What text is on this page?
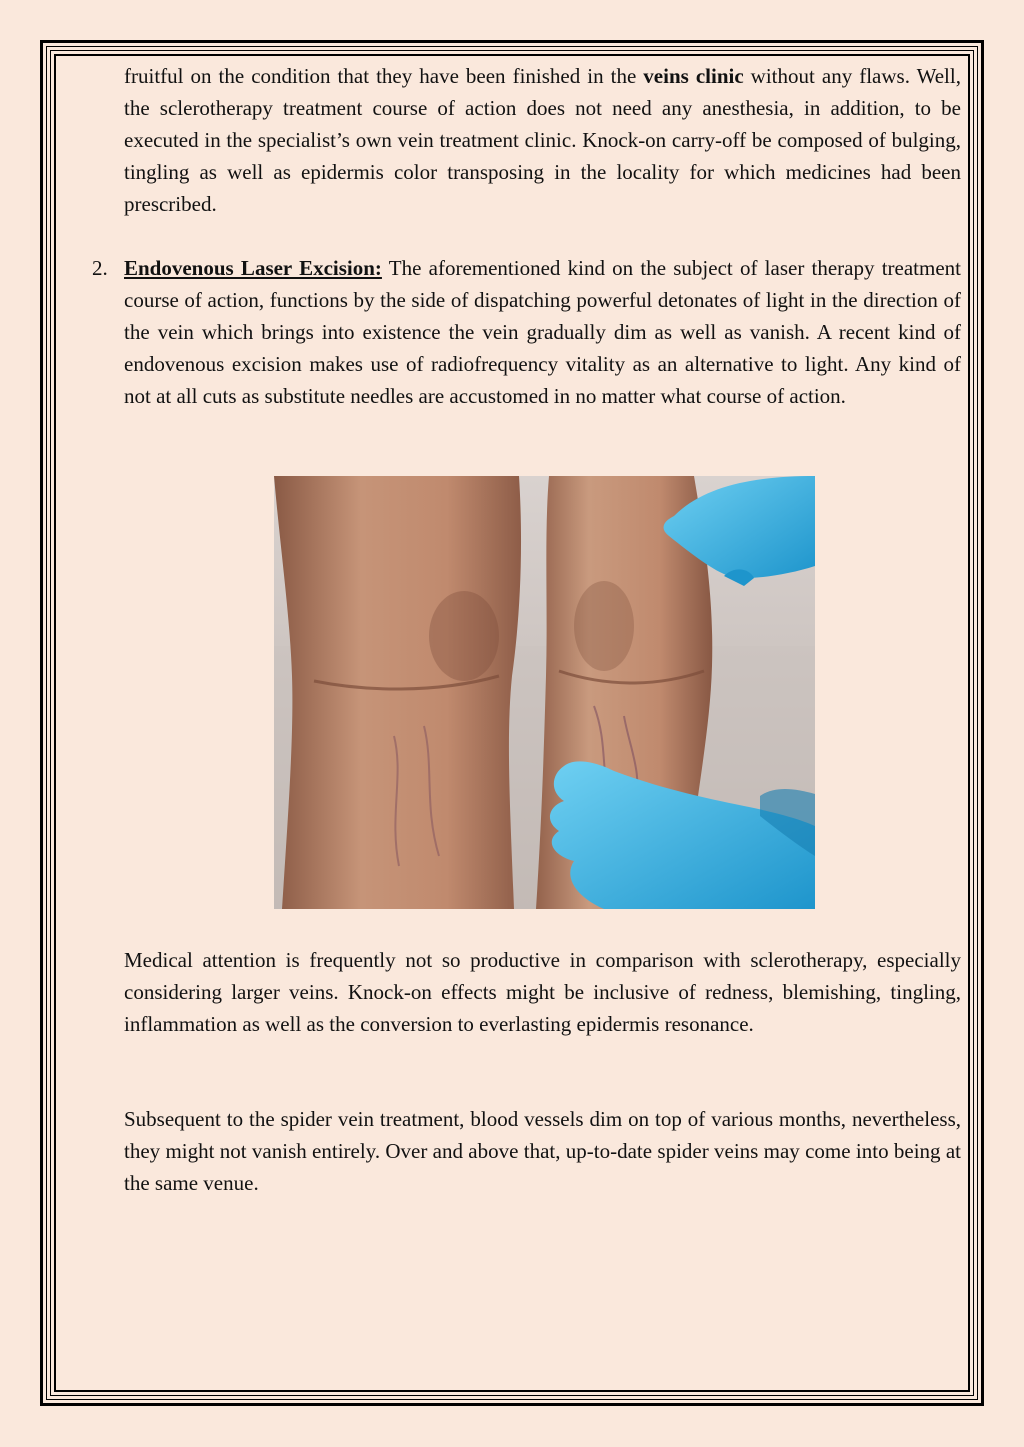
fruitful on the condition that they have been finished in the veins clinic without any flaws. Well, the sclerotherapy treatment course of action does not need any anesthesia, in addition, to be executed in the specialist’s own vein treatment clinic. Knock-on carry-off be composed of bulging, tingling as well as epidermis color transposing in the locality for which medicines had been prescribed.
2. Endovenous Laser Excision: The aforementioned kind on the subject of laser therapy treatment course of action, functions by the side of dispatching powerful detonates of light in the direction of the vein which brings into existence the vein gradually dim as well as vanish. A recent kind of endovenous excision makes use of radiofrequency vitality as an alternative to light. Any kind of not at all cuts as substitute needles are accustomed in no matter what course of action.
Medical attention is frequently not so productive in comparison with sclerotherapy, especially considering larger veins. Knock-on effects might be inclusive of redness, blemishing, tingling, inflammation as well as the conversion to everlasting epidermis resonance.
Subsequent to the spider vein treatment, blood vessels dim on top of various months, nevertheless, they might not vanish entirely. Over and above that, up-to-date spider veins may come into being at the same venue.
